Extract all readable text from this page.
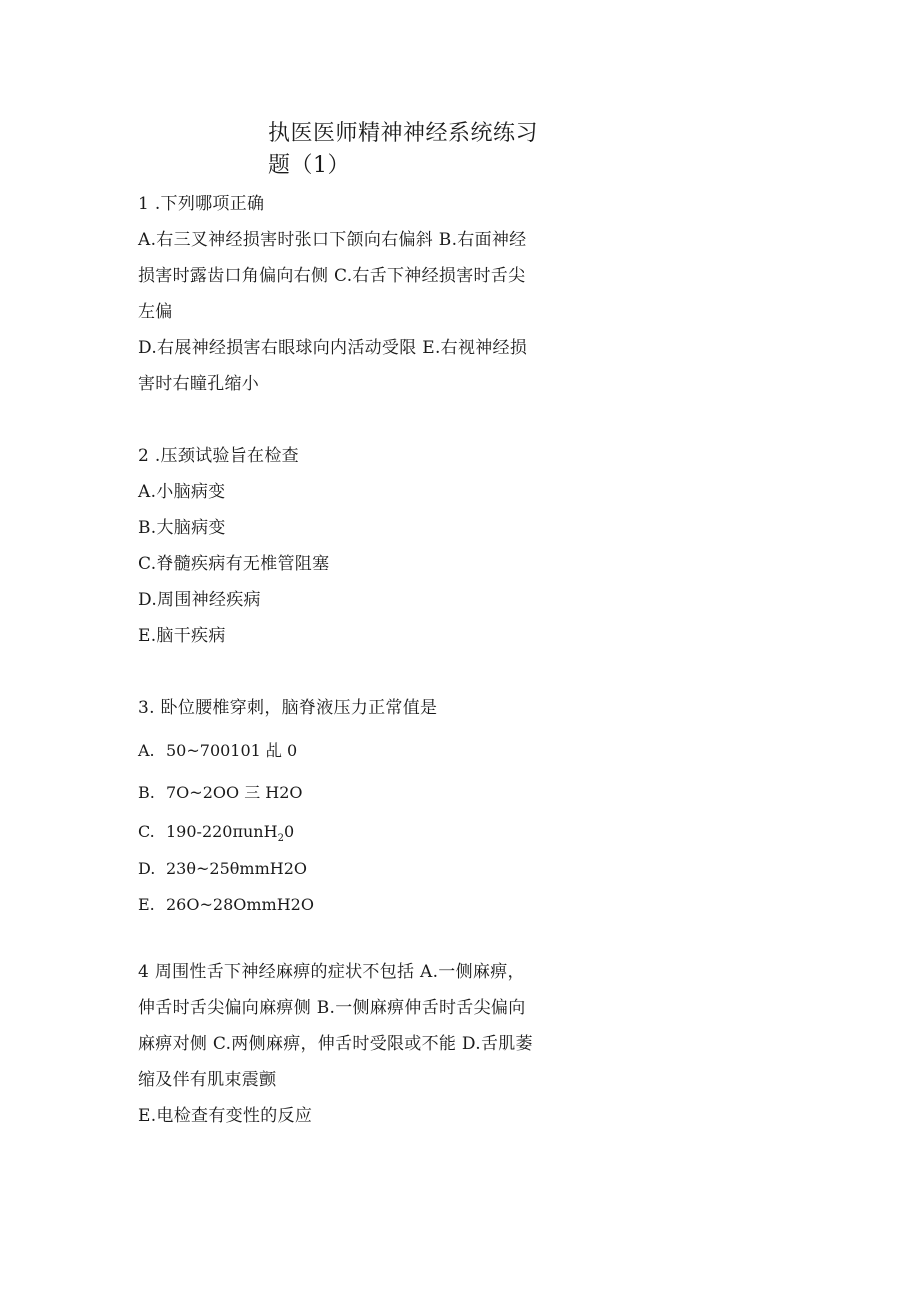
执医医师精神神经系统练习
题（1）
1 .下列哪项正确
A.右三叉神经损害时张口下颌向右偏斜 B.右面神经
损害时露齿口角偏向右侧 C.右舌下神经损害时舌尖
左偏
D.右展神经损害右眼球向内活动受限 E.右视神经损
害时右瞳孔缩小
2 .压颈试验旨在检查
A.小脑病变
B.大脑病变
C.脊髓疾病有无椎管阻塞
D.周围神经疾病
E.脑干疾病
3. 卧位腰椎穿刺，脑脊液压力正常值是
A. 50~700101 乩 0
B. 7O~2OO 三 H2O
C. 190-220πunH$_2$0
D. 23θ~25θmmH2O
E. 26O~28OmmH2O
4 周围性舌下神经麻痹的症状不包括 A.一侧麻痹，
伸舌时舌尖偏向麻痹侧 B.一侧麻痹伸舌时舌尖偏向
麻痹对侧 C.两侧麻痹，伸舌时受限或不能 D.舌肌萎
缩及伴有肌束震颤
E.电检查有变性的反应
